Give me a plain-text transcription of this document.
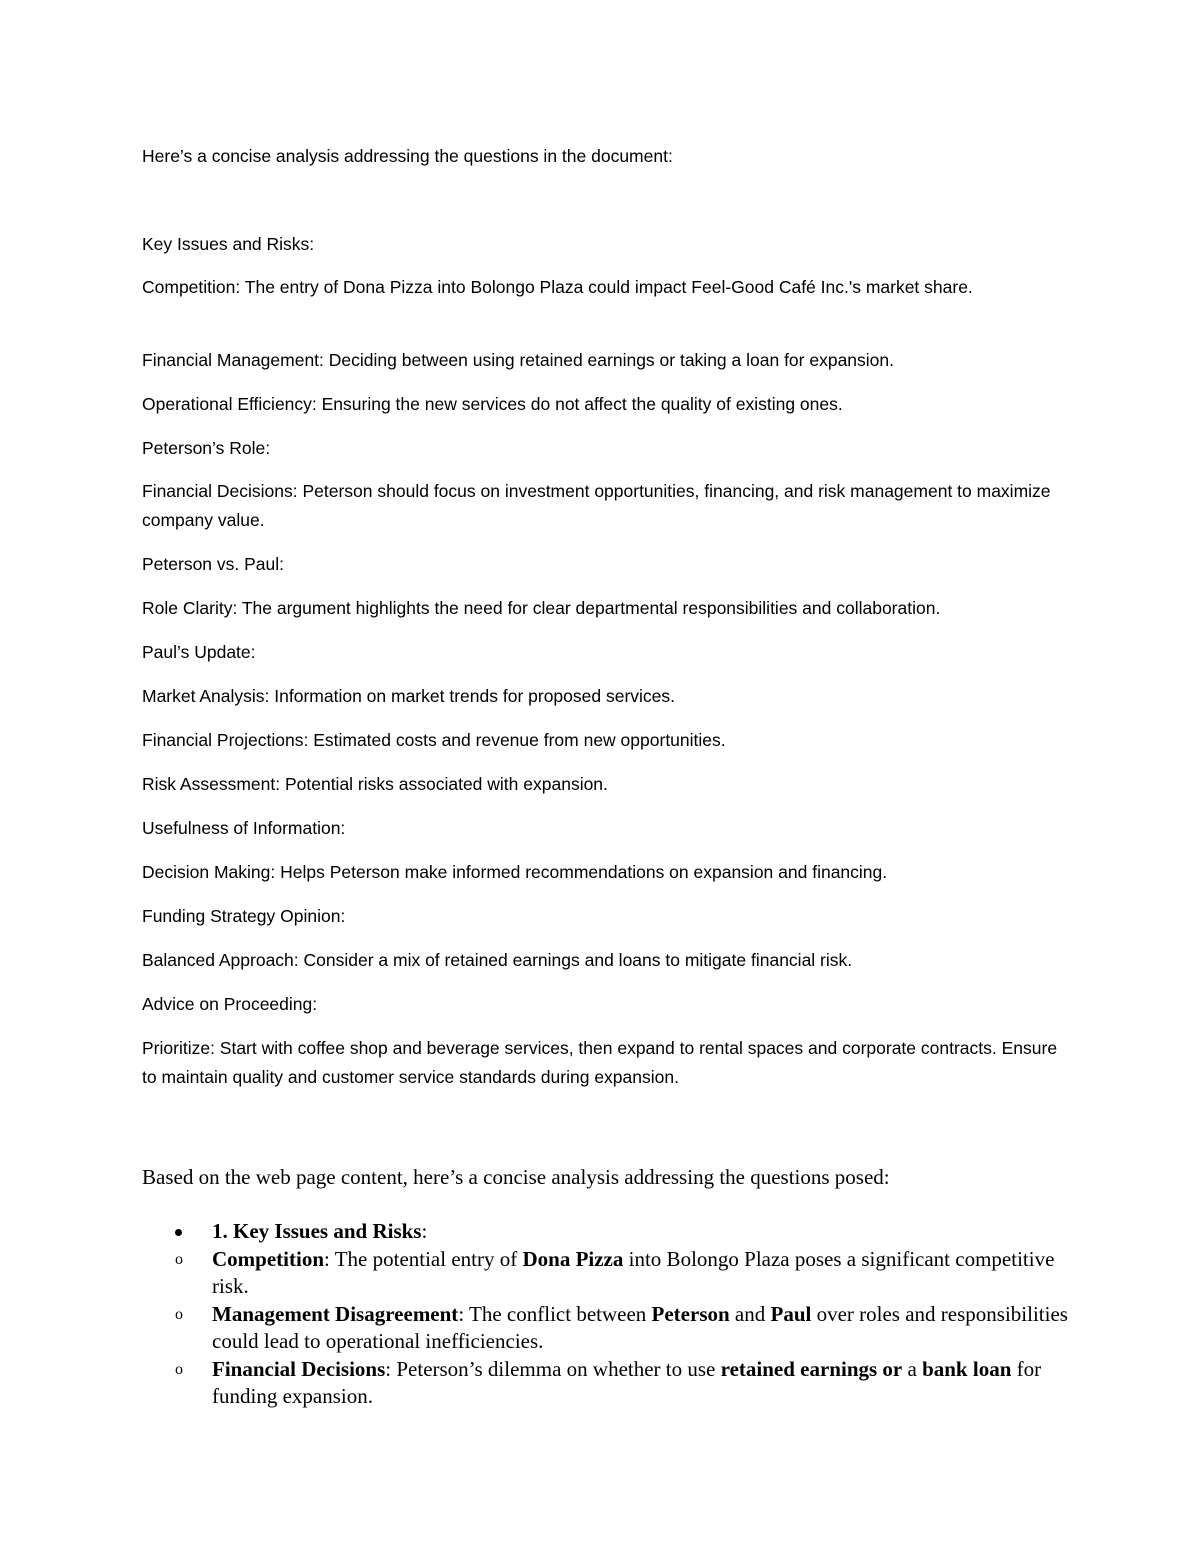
Here’s a concise analysis addressing the questions in the document:

Key Issues and Risks:

Competition: The entry of Dona Pizza into Bolongo Plaza could impact Feel-Good Café Inc.'s market share.

Financial Management: Deciding between using retained earnings or taking a loan for expansion.

Operational Efficiency: Ensuring the new services do not affect the quality of existing ones.

Peterson’s Role:

Financial Decisions: Peterson should focus on investment opportunities, financing, and risk management to maximize company value.

Peterson vs. Paul:

Role Clarity: The argument highlights the need for clear departmental responsibilities and collaboration.

Paul’s Update:

Market Analysis: Information on market trends for proposed services.

Financial Projections: Estimated costs and revenue from new opportunities.

Risk Assessment: Potential risks associated with expansion.

Usefulness of Information:

Decision Making: Helps Peterson make informed recommendations on expansion and financing.

Funding Strategy Opinion:

Balanced Approach: Consider a mix of retained earnings and loans to mitigate financial risk.

Advice on Proceeding:

Prioritize: Start with coffee shop and beverage services, then expand to rental spaces and corporate contracts. Ensure to maintain quality and customer service standards during expansion.

Based on the web page content, here’s a concise analysis addressing the questions posed:

1. Key Issues and Risks:
o Competition: The potential entry of Dona Pizza into Bolongo Plaza poses a significant competitive risk.
o Management Disagreement: The conflict between Peterson and Paul over roles and responsibilities could lead to operational inefficiencies.
o Financial Decisions: Peterson’s dilemma on whether to use retained earnings or a bank loan for funding expansion.
